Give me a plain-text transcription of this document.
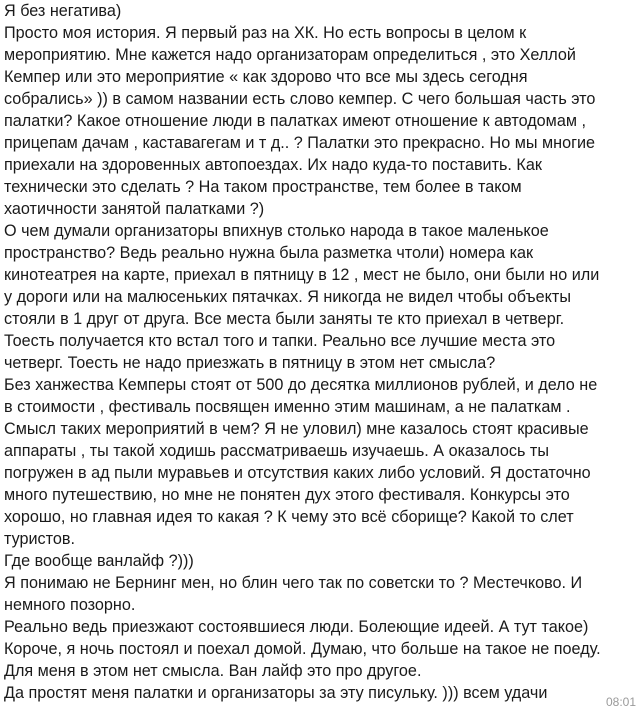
Я без негатива)
Просто моя история. Я первый раз на ХК. Но есть вопросы в целом к
мероприятию. Мне кажется надо организаторам определиться , это Хеллой
Кемпер или это мероприятие « как здорово что все мы здесь сегодня
собрались» )) в самом названии есть слово кемпер. С чего большая часть это
палатки? Какое отношение люди в палатках имеют отношение к автодомам ,
прицепам дачам , каставагегам и т д.. ? Палатки это прекрасно. Но мы многие
приехали на здоровенных автопоездах. Их надо куда-то поставить. Как
технически это сделать ? На таком пространстве, тем более в таком
хаотичности занятой палатками ?)
О чем думали организаторы впихнув столько народа в такое маленькое
пространство? Ведь реально нужна была разметка чтоли) номера как
кинотеатрея на карте, приехал в пятницу в 12 , мест не было, они были но или
у дороги или на малюсеньких пятачках. Я никогда не видел чтобы объекты
стояли в 1 друг от друга. Все места были заняты те кто приехал в четверг.
Тоесть получается кто встал того и тапки. Реально все лучшие места это
четверг. Тоесть не надо приезжать в пятницу в этом нет смысла?
Без ханжества Кемперы стоят от 500 до десятка миллионов рублей, и дело не
в стоимости , фестиваль посвящен именно этим машинам, а не палаткам .
Смысл таких мероприятий в чем? Я не уловил) мне казалось стоят красивые
аппараты , ты такой ходишь рассматриваешь изучаешь. А оказалось ты
погружен в ад пыли муравьев и отсутствия каких либо условий. Я достаточно
много путешествию, но мне не понятен дух этого фестиваля. Конкурсы это
хорошо, но главная идея то какая ? К чему это всё сборище? Какой то слет
туристов.
Где вообще ванлайф ?)))
Я понимаю не Бернинг мен, но блин чего так по советски то ? Местечково. И
немного позорно.
Реально ведь приезжают состоявшиеся люди. Болеющие идеей. А тут такое)
Короче, я ночь постоял и поехал домой. Думаю, что больше на такое не поеду.
Для меня в этом нет смысла. Ван лайф это про другое.
Да простят меня палатки и организаторы за эту писульку. ))) всем удачи	08:01
